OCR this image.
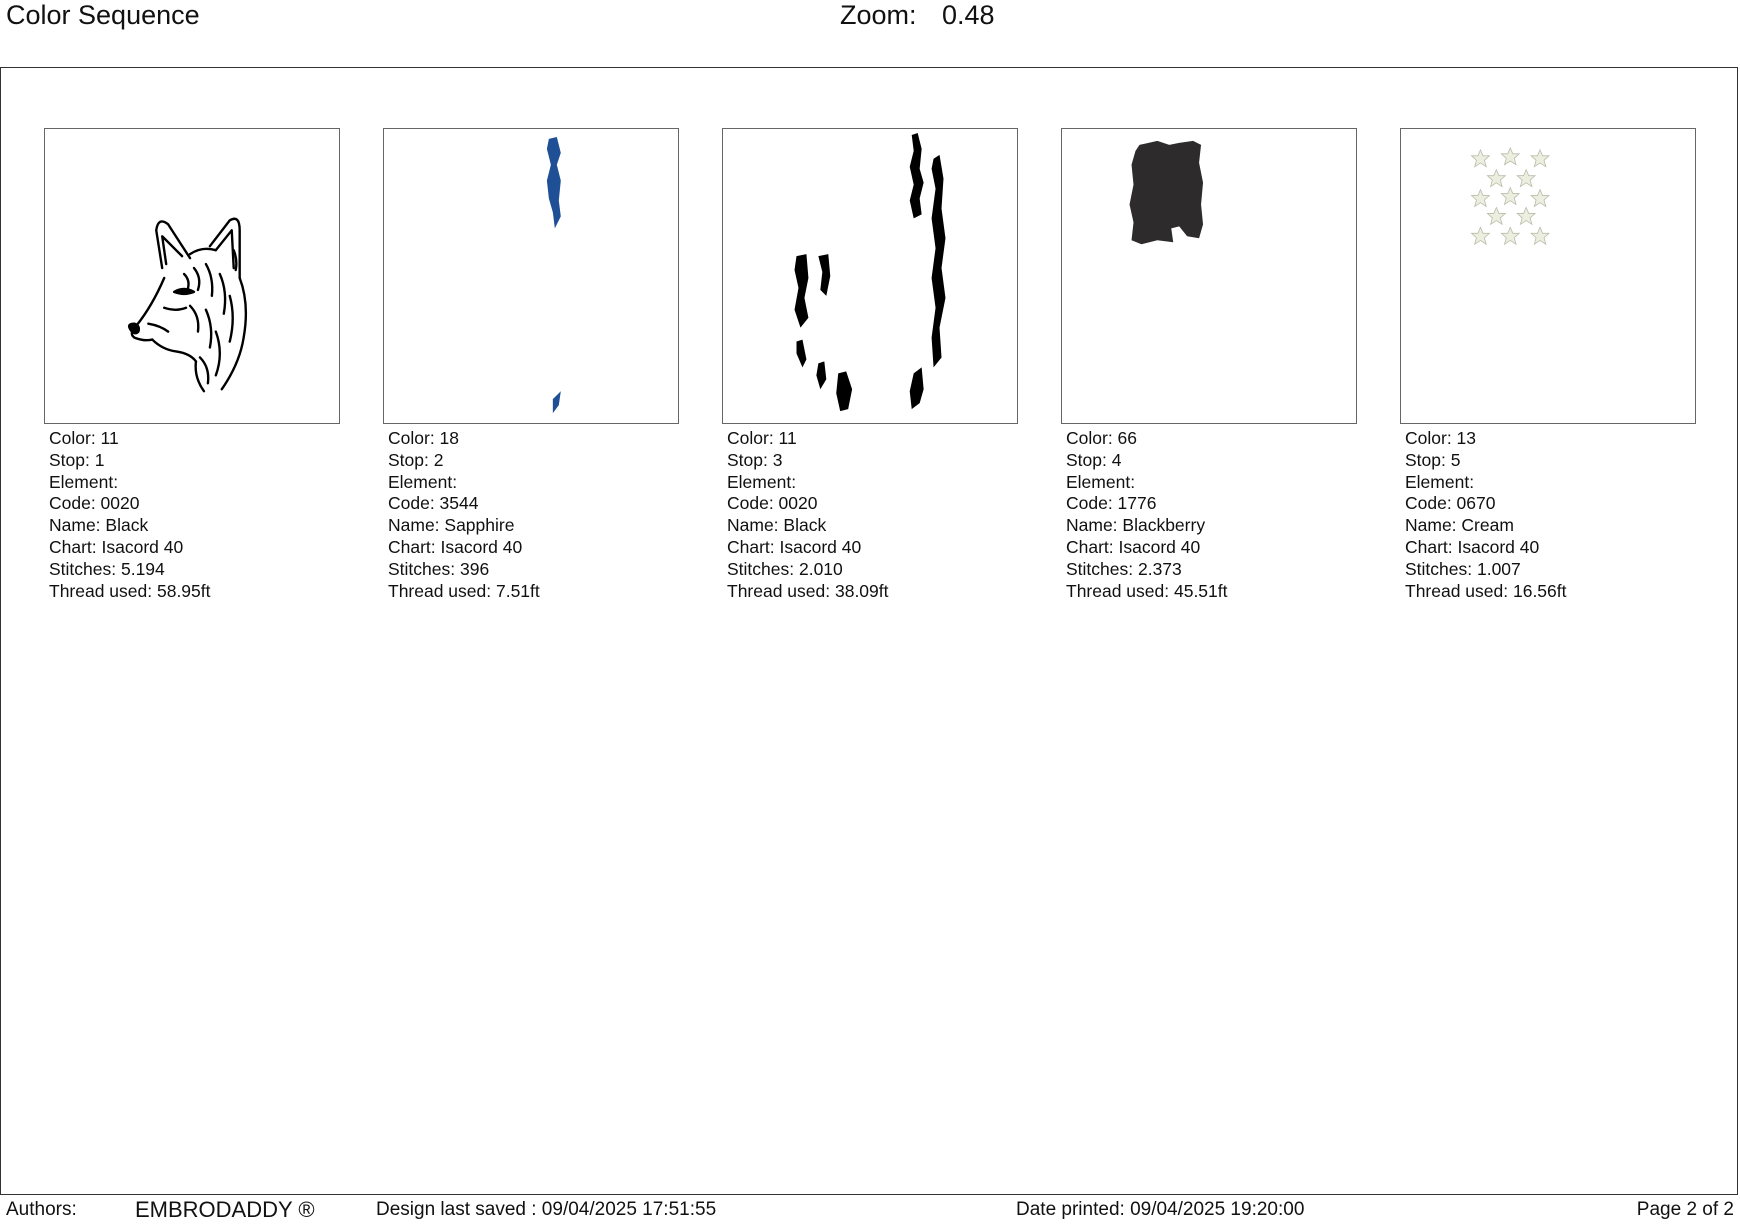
Color Sequence	Zoom: 0.48
Color: 11
Stop: 1
Element:
Code: 0020
Name: Black
Chart: Isacord 40
Stitches: 5.194
Thread used: 58.95ft
Color: 18
Stop: 2
Element:
Code: 3544
Name: Sapphire
Chart: Isacord 40
Stitches: 396
Thread used: 7.51ft
Color: 11
Stop: 3
Element:
Code: 0020
Name: Black
Chart: Isacord 40
Stitches: 2.010
Thread used: 38.09ft
Color: 66
Stop: 4
Element:
Code: 1776
Name: Blackberry
Chart: Isacord 40
Stitches: 2.373
Thread used: 45.51ft
Color: 13
Stop: 5
Element:
Code: 0670
Name: Cream
Chart: Isacord 40
Stitches: 1.007
Thread used: 16.56ft
Authors:	EMBRODADDY ®	Design last saved : 09/04/2025 17:51:55	Date printed: 09/04/2025 19:20:00	Page 2 of 2
